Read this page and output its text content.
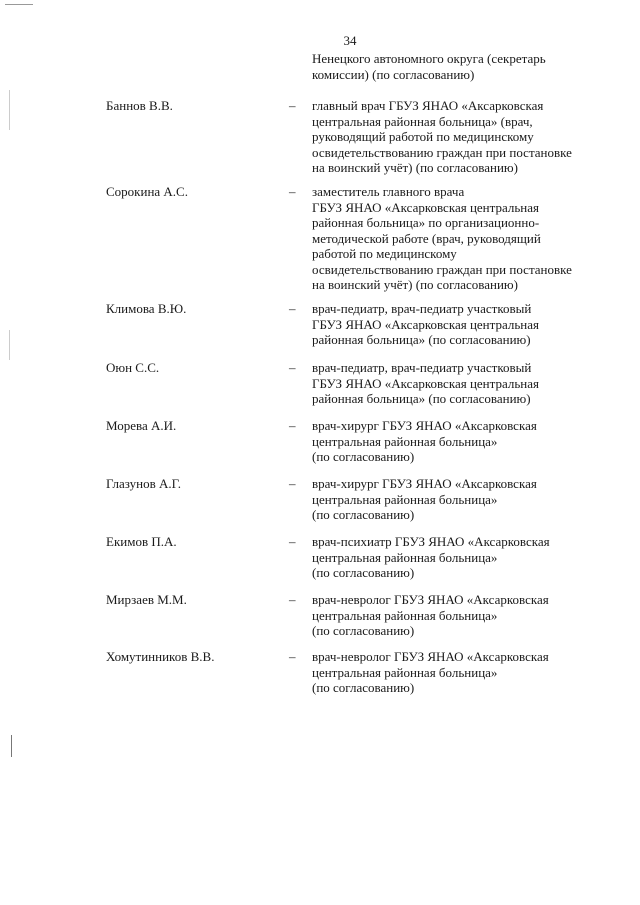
34
Ненецкого автономного округа (секретарь
комиссии) (по согласованию)
Баннов В.В.	– главный врач ГБУЗ ЯНАО «Аксарковская
центральная районная больница» (врач,
руководящий работой по медицинскому
освидетельствованию граждан при постановке
на воинский учёт) (по согласованию)
Сорокина А.С.	– заместитель главного врача
ГБУЗ ЯНАО «Аксарковская центральная
районная больница» по организационно-
методической работе (врач, руководящий
работой по медицинскому
освидетельствованию граждан при постановке
на воинский учёт) (по согласованию)
Климова В.Ю.	– врач-педиатр, врач-педиатр участковый
ГБУЗ ЯНАО «Аксарковская центральная
районная больница» (по согласованию)
Оюн С.С.	– врач-педиатр, врач-педиатр участковый
ГБУЗ ЯНАО «Аксарковская центральная
районная больница» (по согласованию)
Морева А.И.	– врач-хирург ГБУЗ ЯНАО «Аксарковская
центральная районная больница»
(по согласованию)
Глазунов А.Г.	– врач-хирург ГБУЗ ЯНАО «Аксарковская
центральная районная больница»
(по согласованию)
Екимов П.А.	– врач-психиатр ГБУЗ ЯНАО «Аксарковская
центральная районная больница»
(по согласованию)
Мирзаев М.М.	– врач-невролог ГБУЗ ЯНАО «Аксарковская
центральная районная больница»
(по согласованию)
Хомутинников В.В.	– врач-невролог ГБУЗ ЯНАО «Аксарковская
центральная районная больница»
(по согласованию)
